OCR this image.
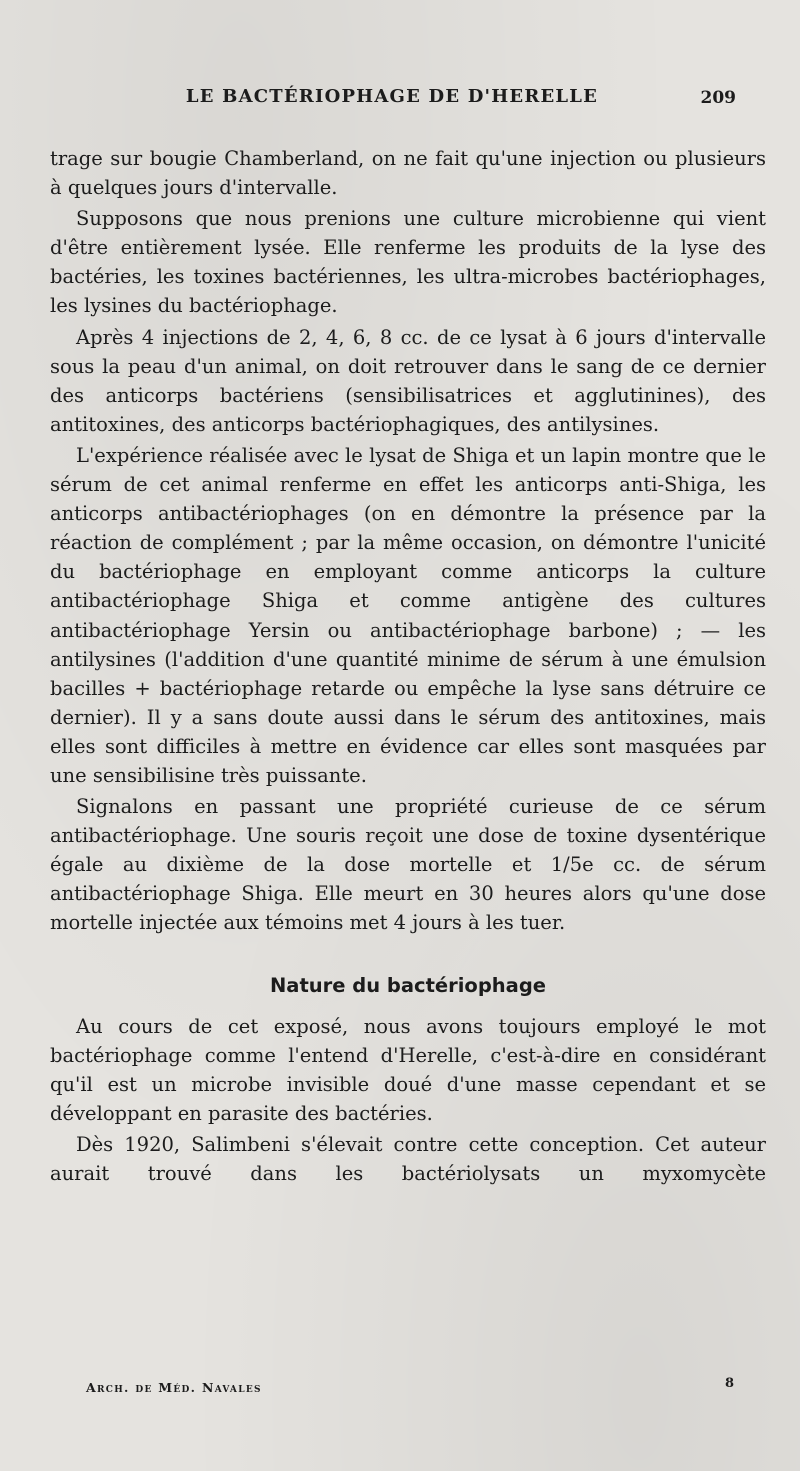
LE BACTÉRIOPHAGE DE D'HERELLE	209

trage sur bougie Chamberland, on ne fait qu'une injection ou plusieurs à quelques jours d'intervalle.

Supposons que nous prenions une culture microbienne qui vient d'être entièrement lysée. Elle renferme les produits de la lyse des bactéries, les toxines bactériennes, les ultra-microbes bactériophages, les lysines du bactériophage.

Après 4 injections de 2, 4, 6, 8 cc. de ce lysat à 6 jours d'intervalle sous la peau d'un animal, on doit retrouver dans le sang de ce dernier des anticorps bactériens (sensibilisatrices et agglutinines), des antitoxines, des anticorps bactériophagiques, des antilysines.

L'expérience réalisée avec le lysat de Shiga et un lapin montre que le sérum de cet animal renferme en effet les anticorps anti-Shiga, les anticorps antibactériophages (on en démontre la présence par la réaction de complément ; par la même occasion, on démontre l'unicité du bactériophage en employant comme anticorps la culture antibactériophage Shiga et comme antigène des cultures antibactériophage Yersin ou antibactériophage barbone) ; — les antilysines (l'addition d'une quantité minime de sérum à une émulsion bacilles + bactériophage retarde ou empêche la lyse sans détruire ce dernier). Il y a sans doute aussi dans le sérum des antitoxines, mais elles sont difficiles à mettre en évidence car elles sont masquées par une sensibilisine très puissante.

Signalons en passant une propriété curieuse de ce sérum antibactériophage. Une souris reçoit une dose de toxine dysentérique égale au dixième de la dose mortelle et 1/5e cc. de sérum antibactériophage Shiga. Elle meurt en 30 heures alors qu'une dose mortelle injectée aux témoins met 4 jours à les tuer.

Nature du bactériophage

Au cours de cet exposé, nous avons toujours employé le mot bactériophage comme l'entend d'Herelle, c'est-à-dire en considérant qu'il est un microbe invisible doué d'une masse cependant et se développant en parasite des bactéries.

Dès 1920, Salimbeni s'élevait contre cette conception. Cet auteur aurait trouvé dans les bactériolysats un myxomycète

Arch. de Méd. Navales	8
